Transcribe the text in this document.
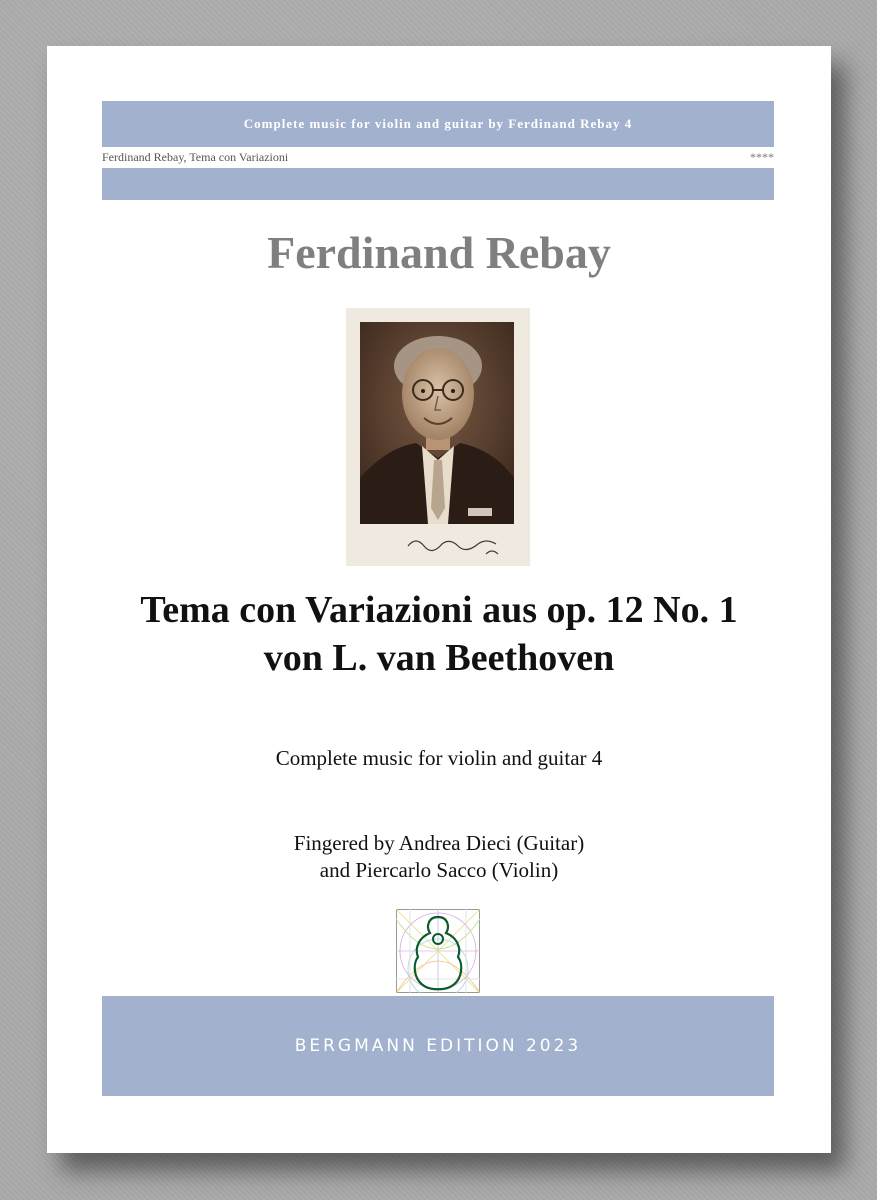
Complete music for violin and guitar by Ferdinand Rebay 4
Ferdinand Rebay, Tema con Variazioni	****
Ferdinand Rebay
Tema con Variazioni aus op. 12 No. 1
von L. van Beethoven
Complete music for violin and guitar 4
Fingered by Andrea Dieci (Guitar)
and Piercarlo Sacco (Violin)
BERGMANN EDITION 2023
